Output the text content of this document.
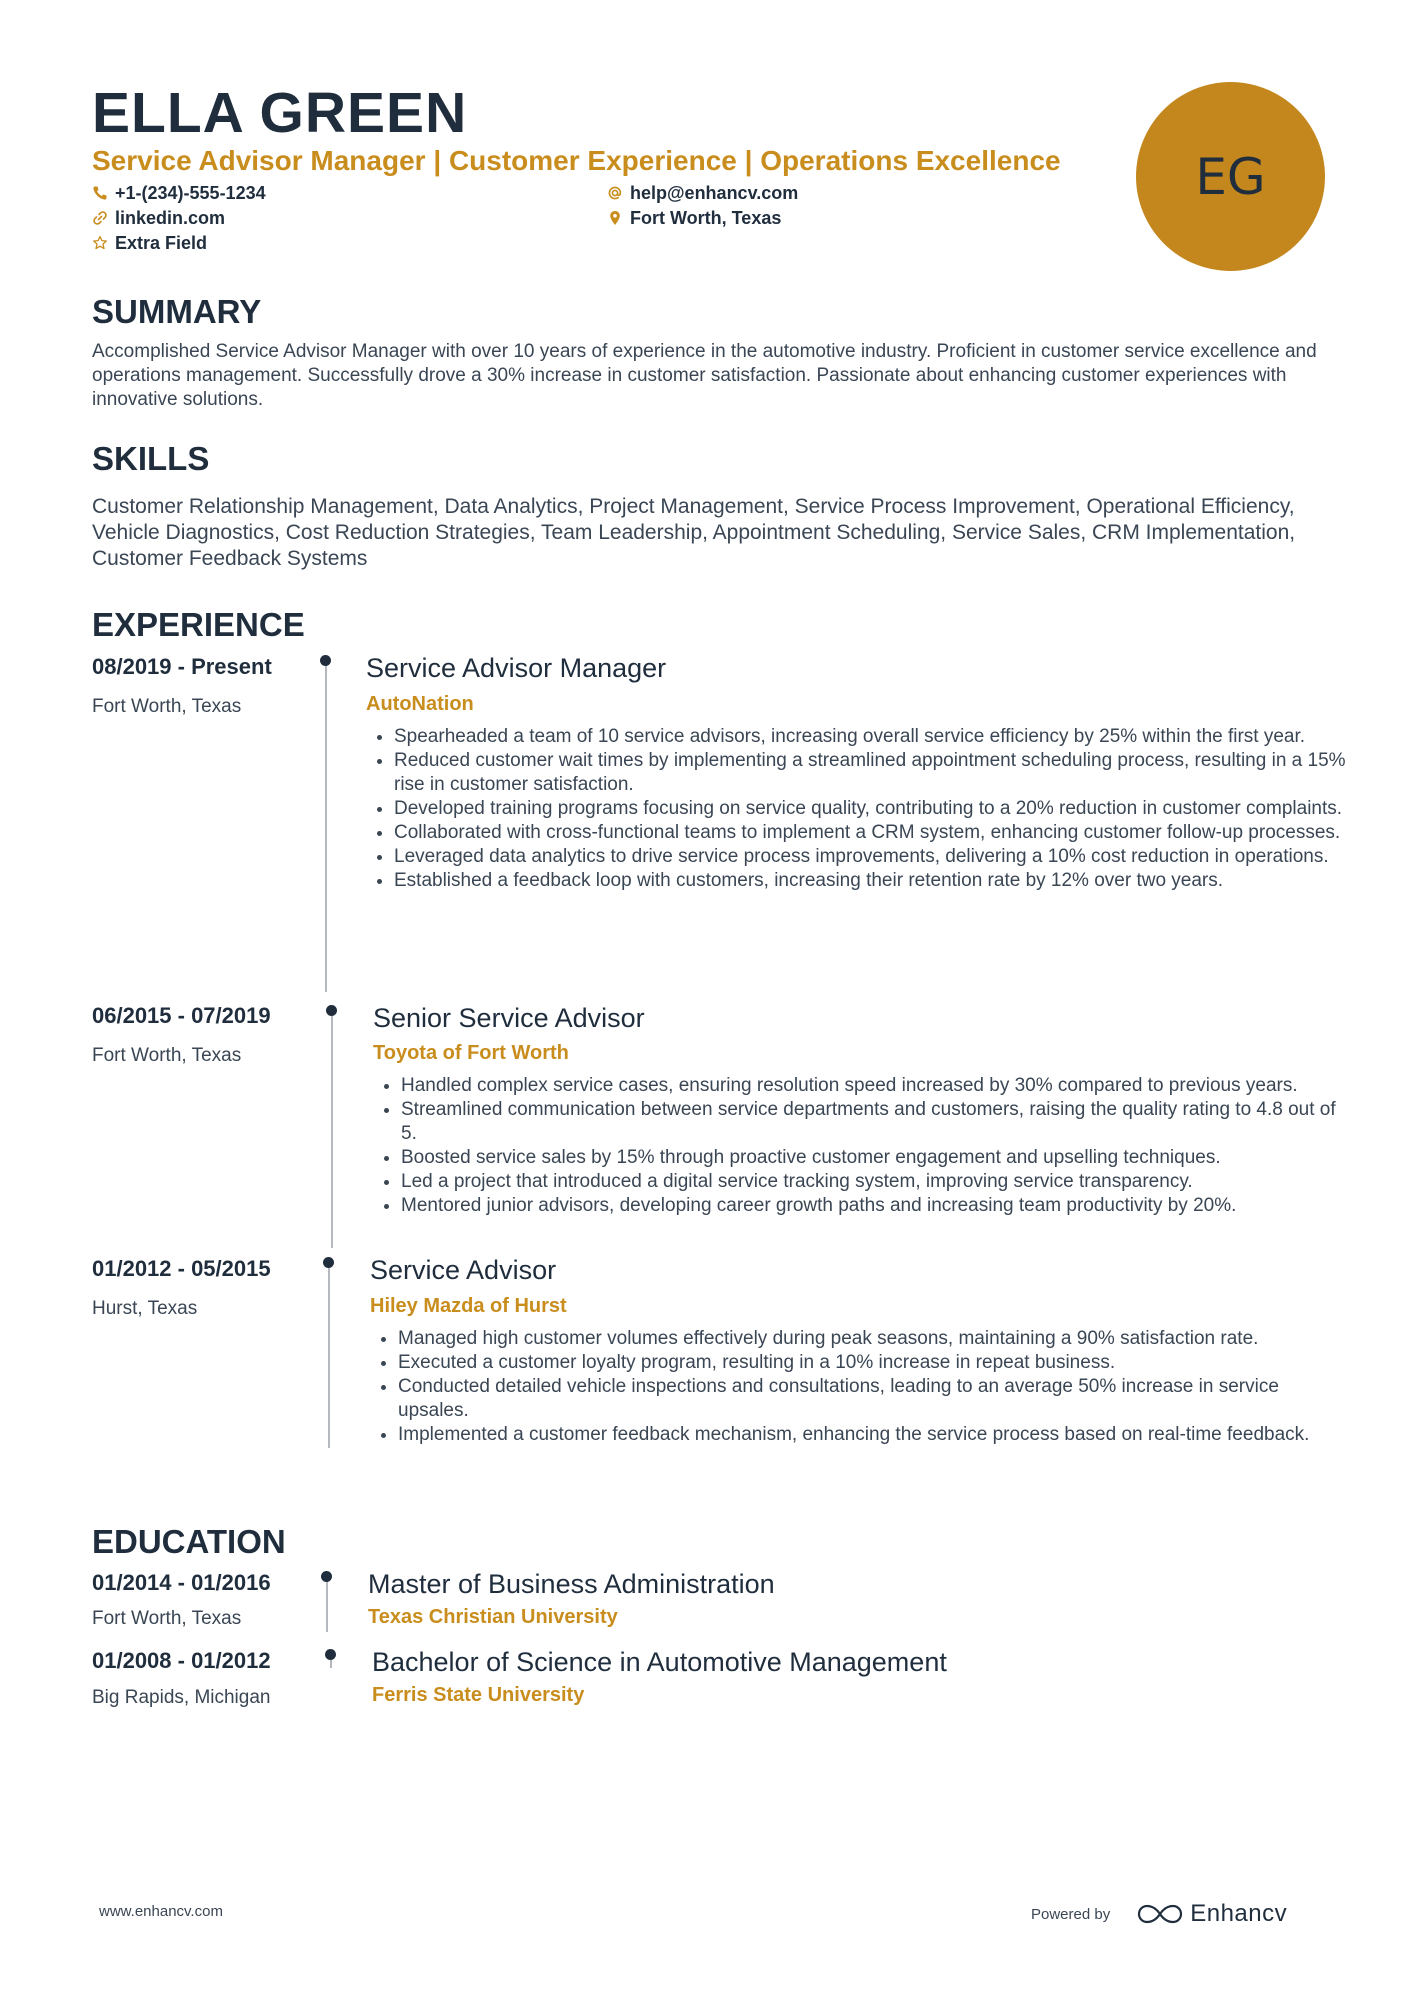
ELLA GREEN

Service Advisor Manager | Customer Experience | Operations Excellence

+1-(234)-555-1234
linkedin.com
Extra Field
help@enhancv.com
Fort Worth, Texas
EG
SUMMARY

Accomplished Service Advisor Manager with over 10 years of experience in the automotive industry. Proficient in customer service excellence and operations management. Successfully drove a 30% increase in customer satisfaction. Passionate about enhancing customer experiences with innovative solutions.

SKILLS

Customer Relationship Management, Data Analytics, Project Management, Service Process Improvement, Operational Efficiency, Vehicle Diagnostics, Cost Reduction Strategies, Team Leadership, Appointment Scheduling, Service Sales, CRM Implementation, Customer Feedback Systems

EXPERIENCE
08/2019 - Present
Fort Worth, Texas
Service Advisor Manager
AutoNation
• Spearheaded a team of 10 service advisors, increasing overall service efficiency by 25% within the first year.
• Reduced customer wait times by implementing a streamlined appointment scheduling process, resulting in a 15% rise in customer satisfaction.
• Developed training programs focusing on service quality, contributing to a 20% reduction in customer complaints.
• Collaborated with cross-functional teams to implement a CRM system, enhancing customer follow-up processes.
• Leveraged data analytics to drive service process improvements, delivering a 10% cost reduction in operations.
• Established a feedback loop with customers, increasing their retention rate by 12% over two years.
06/2015 - 07/2019
Fort Worth, Texas
Senior Service Advisor
Toyota of Fort Worth
• Handled complex service cases, ensuring resolution speed increased by 30% compared to previous years.
• Streamlined communication between service departments and customers, raising the quality rating to 4.8 out of 5.
• Boosted service sales by 15% through proactive customer engagement and upselling techniques.
• Led a project that introduced a digital service tracking system, improving service transparency.
• Mentored junior advisors, developing career growth paths and increasing team productivity by 20%.
01/2012 - 05/2015
Hurst, Texas
Service Advisor
Hiley Mazda of Hurst
• Managed high customer volumes effectively during peak seasons, maintaining a 90% satisfaction rate.
• Executed a customer loyalty program, resulting in a 10% increase in repeat business.
• Conducted detailed vehicle inspections and consultations, leading to an average 50% increase in service upsales.
• Implemented a customer feedback mechanism, enhancing the service process based on real-time feedback.
EDUCATION
01/2014 - 01/2016
Fort Worth, Texas
Master of Business Administration
Texas Christian University
01/2008 - 01/2012
Big Rapids, Michigan
Bachelor of Science in Automotive Management
Ferris State University
www.enhancv.com	Powered by	Enhancv
